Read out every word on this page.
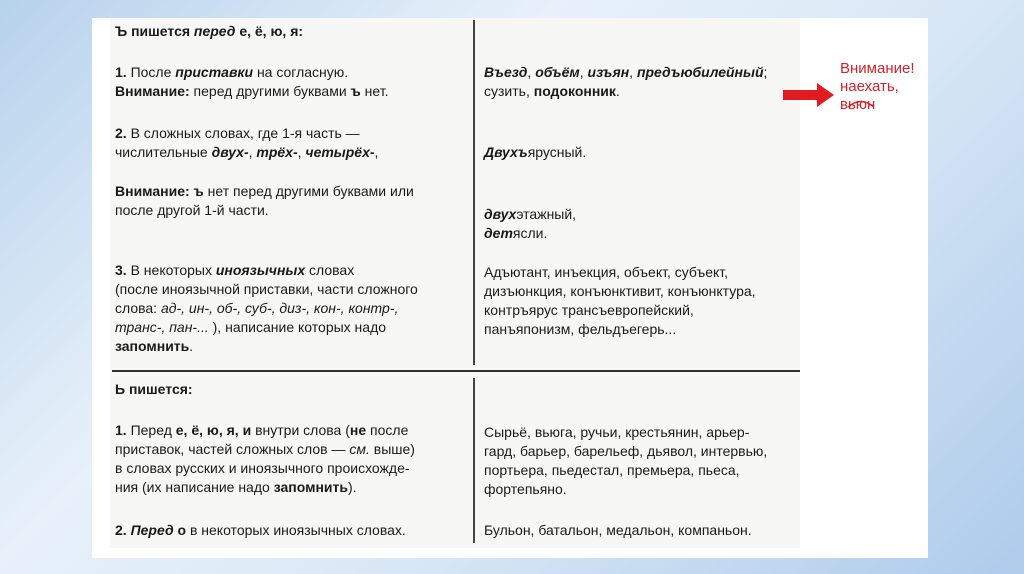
Ъ пишется перед е, ё, ю, я:
1. После приставки на согласную.
Внимание: перед другими буквами ъ нет.
2. В сложных словах, где 1-я часть —
числительные двух-, трёх-, четырёх-,
Внимание: ъ нет перед другими буквами или
после другой 1-й части.
3. В некоторых иноязычных словах
(после иноязычной приставки, части сложного
слова: ад-, ин-, об-, суб-, диз-, кон-, контр-,
транс-, пан-... ), написание которых надо
запомнить.
Ь пишется:
1. Перед е, ё, ю, я, и внутри слова (не после
приставок, частей сложных слов — см. выше)
в словах русских и иноязычного происхожде-
ния (их написание надо запомнить).
2. Перед о в некоторых иноязычных словах.
Въезд, объём, изъян, предъюбилейный;
сузить, подоконник.
Двухъярусный.
двухэтажный,
детясли.
Адъютант, инъекция, объект, субъект,
дизъюнкция, конъюнктивит, конъюнктура,
контръярус трансъевропейский,
панъяпонизм, фельдъегерь...
Сырьё, вьюга, ручьи, крестьянин, арьер-
гард, барьер, барельеф, дьявол, интервью,
портьера, пьедестал, премьера, пьеса,
фортепьяно.
Бульон, батальон, медальон, компаньон.
Внимание!
наехать,
вьюн
